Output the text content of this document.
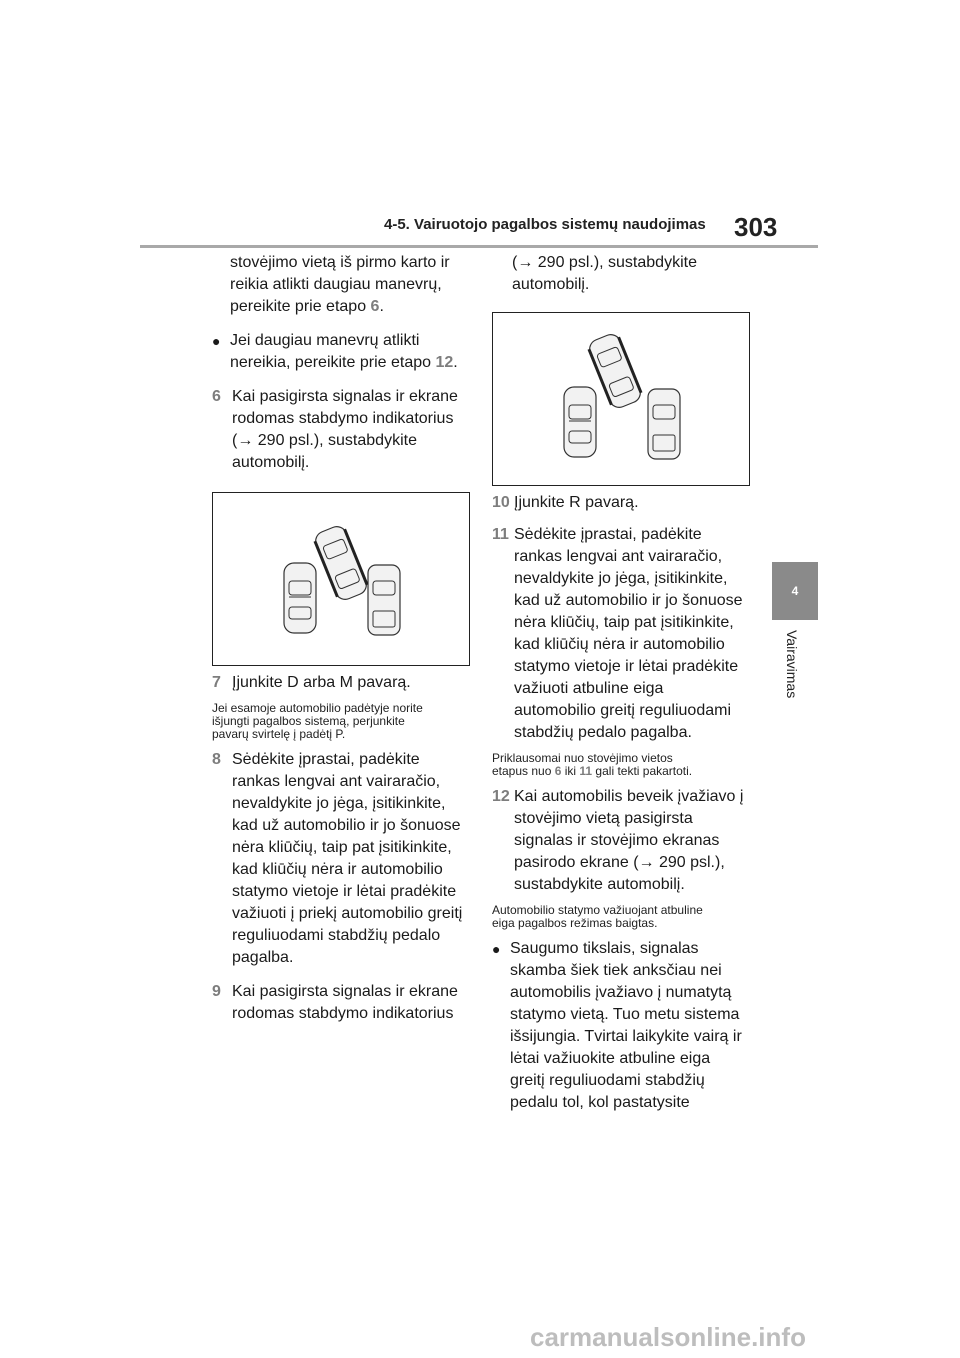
4-5. Vairuotojo pagalbos sistemų naudojimas 303
4
Vairavimas

stovėjimo vietą iš pirmo karto ir

reikia atlikti daugiau manevrų,

pereikite prie etapo 6.

● Jei daugiau manevrų atlikti

nereikia, pereikite prie etapo 12.

6 Kai pasigirsta signalas ir ekrane

rodomas stabdymo indikatorius

(→ 290 psl.), sustabdykite

automobilį.

7 Įjunkite D arba M pavarą.

Jei esamoje automobilio padėtyje norite

išjungti pagalbos sistemą, perjunkite

pavarų svirtelę į padėtį P.

8 Sėdėkite įprastai, padėkite

rankas lengvai ant vairaračio,

nevaldykite jo jėga, įsitikinkite,

kad už automobilio ir jo šonuose

nėra kliūčių, taip pat įsitikinkite,

kad kliūčių nėra ir automobilio

statymo vietoje ir lėtai pradėkite

važiuoti į priekį automobilio greitį

reguliuodami stabdžių pedalo

pagalba.

9 Kai pasigirsta signalas ir ekrane

rodomas stabdymo indikatorius

(→ 290 psl.), sustabdykite

automobilį.

10 Įjunkite R pavarą.

11 Sėdėkite įprastai, padėkite

rankas lengvai ant vairaračio,

nevaldykite jo jėga, įsitikinkite,

kad už automobilio ir jo šonuose

nėra kliūčių, taip pat įsitikinkite,

kad kliūčių nėra ir automobilio

statymo vietoje ir lėtai pradėkite

važiuoti atbuline eiga

automobilio greitį reguliuodami

stabdžių pedalo pagalba.

Priklausomai nuo stovėjimo vietos

etapus nuo 6 iki 11 gali tekti pakartoti.

12 Kai automobilis beveik įvažiavo į

stovėjimo vietą pasigirsta

signalas ir stovėjimo ekranas

pasirodo ekrane (→ 290 psl.),

sustabdykite automobilį.

Automobilio statymo važiuojant atbuline

eiga pagalbos režimas baigtas.

● Saugumo tikslais, signalas

skamba šiek tiek anksčiau nei

automobilis įvažiavo į numatytą

statymo vietą. Tuo metu sistema

išsijungia. Tvirtai laikykite vairą ir

lėtai važiuokite atbuline eiga

greitį reguliuodami stabdžių

pedalu tol, kol pastatysite

carmanualsonline.info
